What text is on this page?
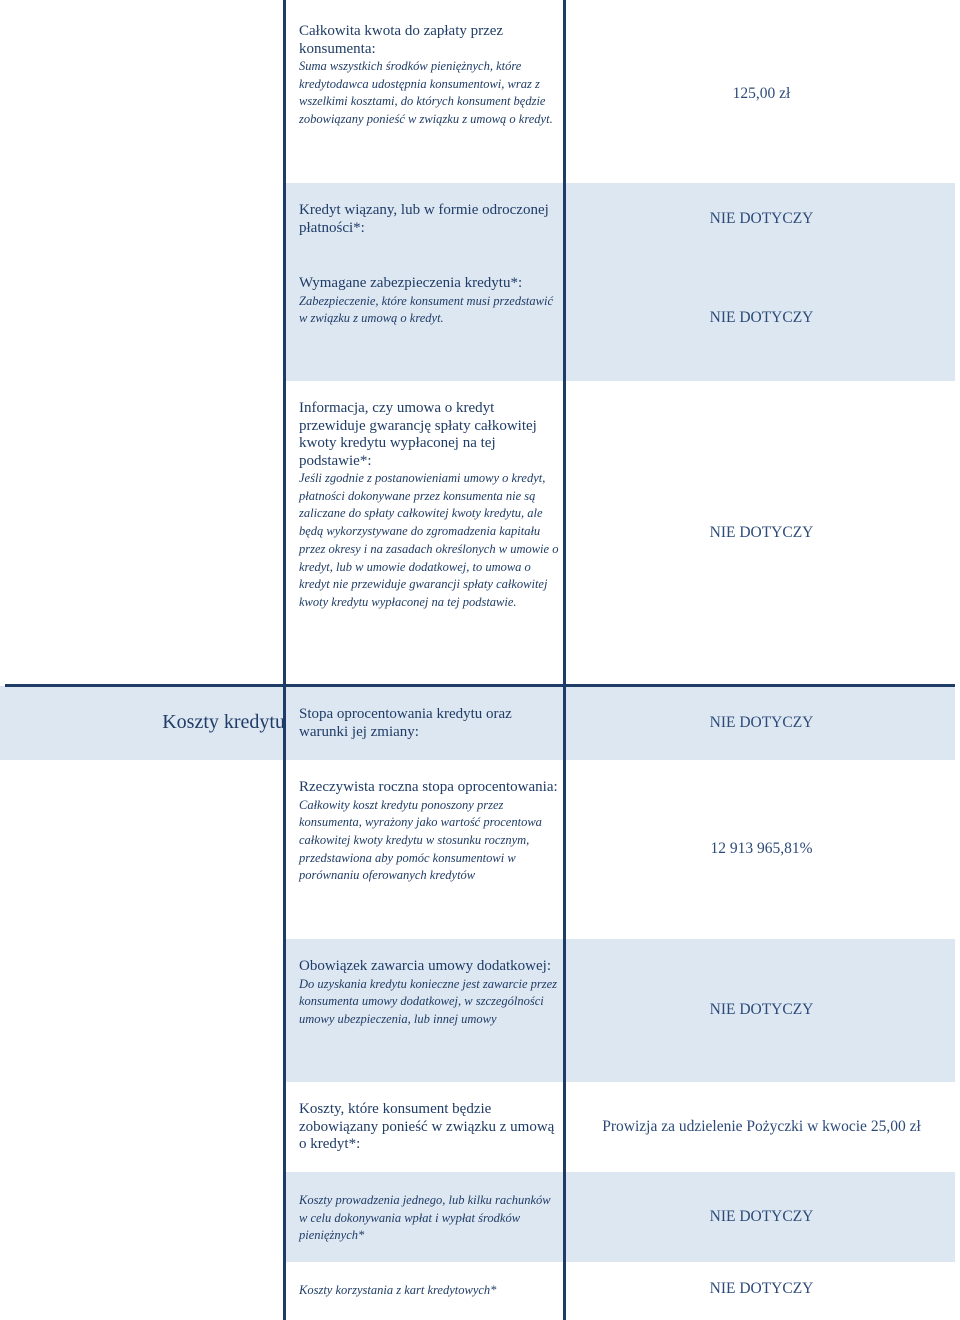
Koszty kredytu
Całkowita kwota do zapłaty przez konsumenta:
Suma wszystkich środków pieniężnych, które kredytodawca udostępnia konsumentowi, wraz z wszelkimi kosztami, do których konsument będzie zobowiązany ponieść w związku z umową o kredyt.
125,00 zł
Kredyt wiązany, lub w formie odroczonej płatności*:
NIE DOTYCZY
Wymagane zabezpieczenia kredytu*:
Zabezpieczenie, które konsument musi przedstawić w związku z umową o kredyt.	NIE DOTYCZY
Informacja, czy umowa o kredyt przewiduje gwarancję spłaty całkowitej kwoty kredytu wypłaconej na tej podstawie*:
Jeśli zgodnie z postanowieniami umowy o kredyt, płatności dokonywane przez konsumenta nie są zaliczane do spłaty całkowitej kwoty kredytu, ale będą wykorzystywane do zgromadzenia kapitału przez okresy i na zasadach określonych w umowie o kredyt, lub w umowie dodatkowej, to umowa o kredyt nie przewiduje gwarancji spłaty całkowitej kwoty kredytu wypłaconej na tej podstawie.
NIE DOTYCZY
Stopa oprocentowania kredytu oraz warunki jej zmiany:
NIE DOTYCZY
Rzeczywista roczna stopa oprocentowania:
Całkowity koszt kredytu ponoszony przez konsumenta, wyrażony jako wartość procentowa całkowitej kwoty kredytu w stosunku rocznym, przedstawiona aby pomóc konsumentowi w porównaniu oferowanych kredytów
12 913 965,81%
Obowiązek zawarcia umowy dodatkowej:
Do uzyskania kredytu konieczne jest zawarcie przez konsumenta umowy dodatkowej, w szczególności umowy ubezpieczenia, lub innej umowy
NIE DOTYCZY
Koszty, które konsument będzie zobowiązany ponieść w związku z umową o kredyt*:
Prowizja za udzielenie Pożyczki w kwocie 25,00 zł
Koszty prowadzenia jednego, lub kilku rachunków w celu dokonywania wpłat i wypłat środków pieniężnych*
NIE DOTYCZY
Koszty korzystania z kart kredytowych*	NIE DOTYCZY
